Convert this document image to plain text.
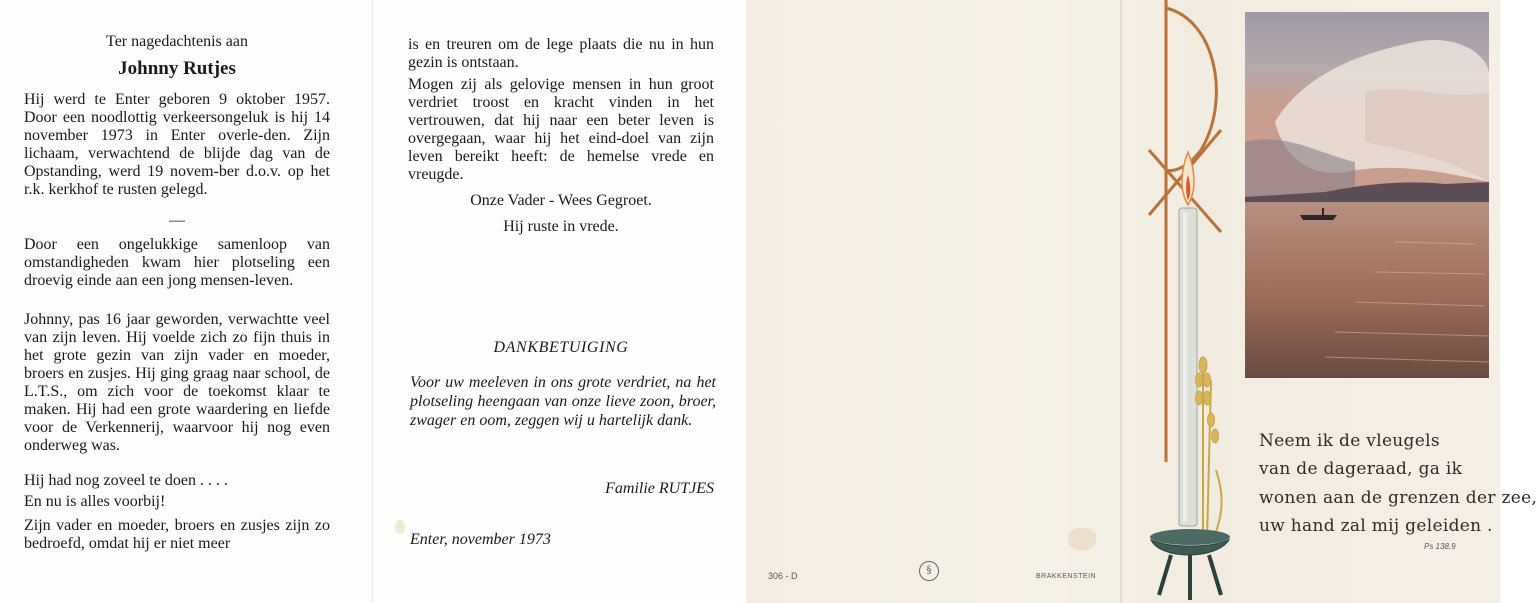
Ter nagedachtenis aan

Johnny Rutjes

Hij werd te Enter geboren 9 oktober 1957. Door een noodlottig verkeersongeluk is hij 14 november 1973 in Enter overle-den. Zijn lichaam, verwachtend de blijde dag van de Opstanding, werd 19 novem-ber d.o.v. op het r.k. kerkhof te rusten gelegd.

—

Door een ongelukkige samenloop van omstandigheden kwam hier plotseling een droevig einde aan een jong mensen-leven.

Johnny, pas 16 jaar geworden, verwachtte veel van zijn leven. Hij voelde zich zo fijn thuis in het grote gezin van zijn vader en moeder, broers en zusjes. Hij ging graag naar school, de L.T.S., om zich voor de toekomst klaar te maken. Hij had een grote waardering en liefde voor de Verkennerij, waarvoor hij nog even onderweg was.

Hij had nog zoveel te doen . . . .

En nu is alles voorbij!

Zijn vader en moeder, broers en zusjes zijn zo bedroefd, omdat hij er niet meer

is en treuren om de lege plaats die nu in hun gezin is ontstaan.

Mogen zij als gelovige mensen in hun groot verdriet troost en kracht vinden in het vertrouwen, dat hij naar een beter leven is overgegaan, waar hij het eind-doel van zijn leven bereikt heeft: de hemelse vrede en vreugde.

Onze Vader - Wees Gegroet.

Hij ruste in vrede.

DANKBETUIGING

Voor uw meeleven in ons grote verdriet, na het plotseling heengaan van onze lieve zoon, broer, zwager en oom, zeggen wij u hartelijk dank.

Familie RUTJES

Enter, november 1973

Neem ik de vleugels
van de dageraad, ga ik
wonen aan de grenzen der zee,
uw hand zal mij geleiden .
Ps 138,9
306 - D	§
BRAKKENSTEIN
